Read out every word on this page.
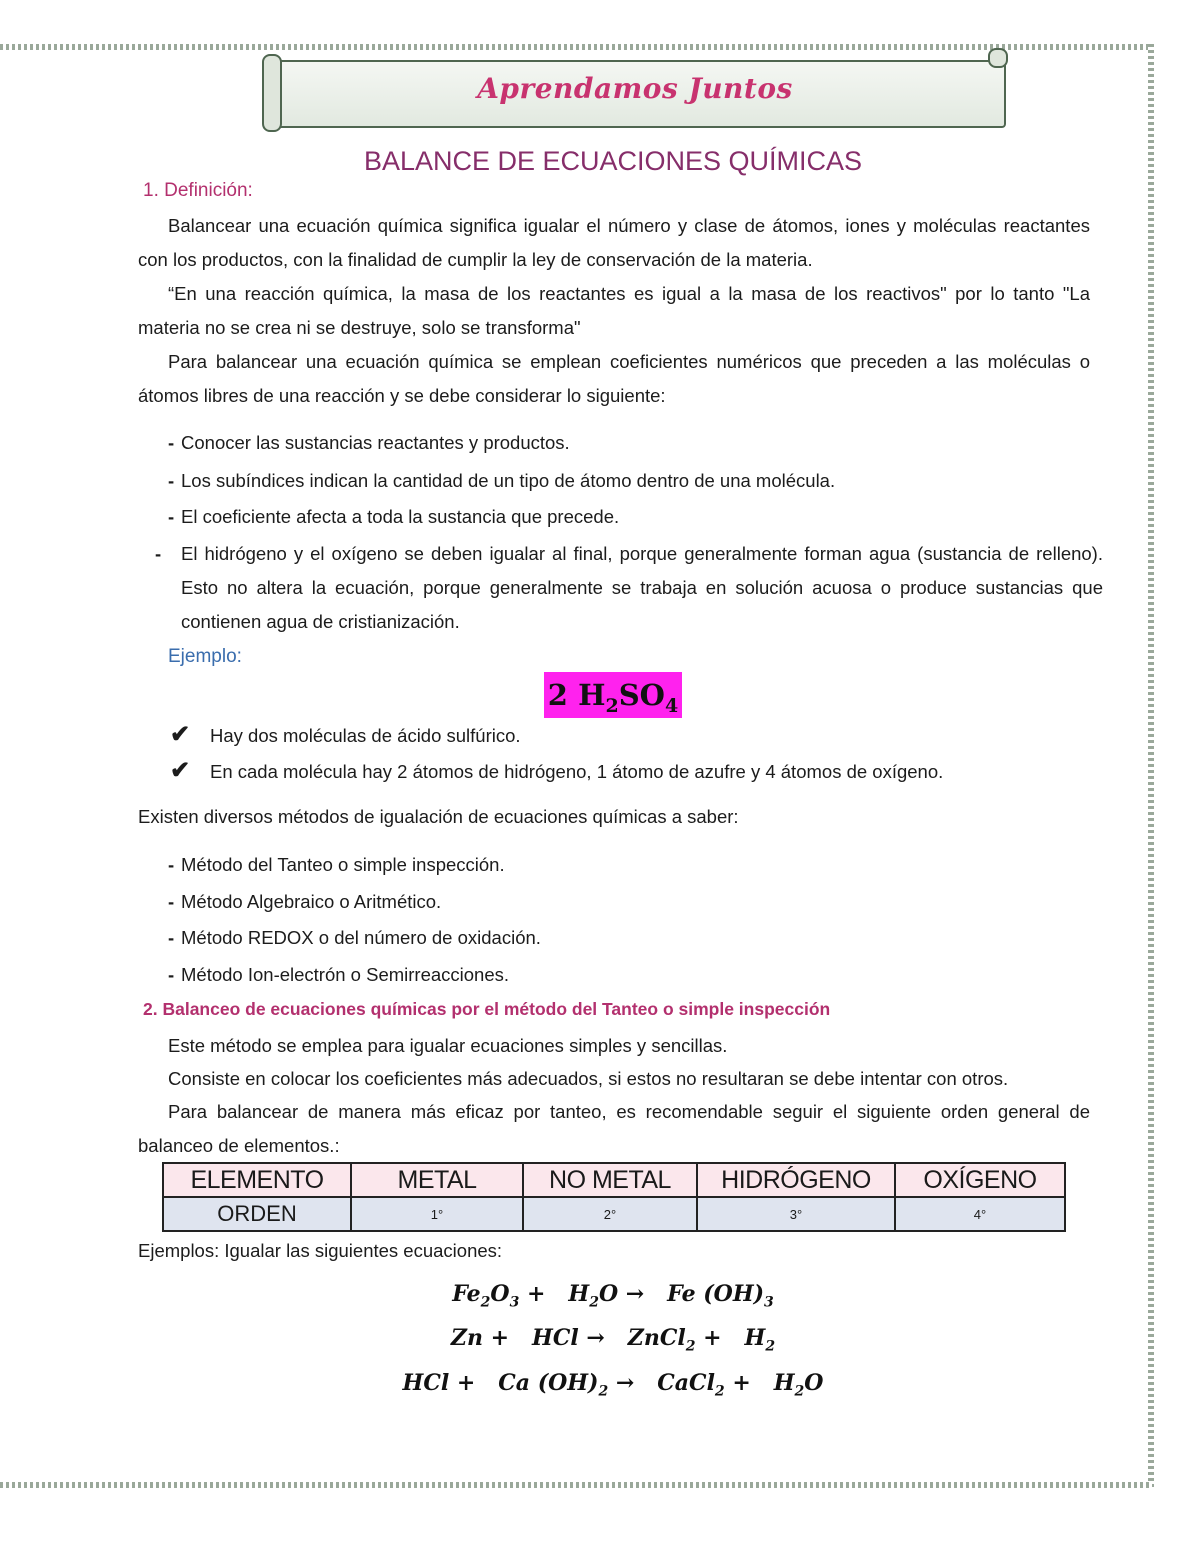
Aprendamos Juntos
BALANCE DE ECUACIONES QUÍMICAS
1. Definición:
Balancear una ecuación química significa igualar el número y clase de átomos, iones y moléculas reactantes con los productos, con la finalidad de cumplir la ley de conservación de la materia.
“En una reacción química, la masa de los reactantes es igual a la masa de los reactivos" por lo tanto "La materia no se crea ni se destruye, solo se transforma"
Para balancear una ecuación química se emplean coeficientes numéricos que preceden a las moléculas o átomos libres de una reacción y se debe considerar lo siguiente:
- Conocer las sustancias reactantes y productos.
- Los subíndices indican la cantidad de un tipo de átomo dentro de una molécula.
- El coeficiente afecta a toda la sustancia que precede.
- El hidrógeno y el oxígeno se deben igualar al final, porque generalmente forman agua (sustancia de relleno). Esto no altera la ecuación, porque generalmente se trabaja en solución acuosa o produce sustancias que contienen agua de cristianización.
Ejemplo:
2 $H_2SO_4$
✔ Hay dos moléculas de ácido sulfúrico.
✔ En cada molécula hay 2 átomos de hidrógeno, 1 átomo de azufre y 4 átomos de oxígeno.
Existen diversos métodos de igualación de ecuaciones químicas a saber:
- Método del Tanteo o simple inspección.
- Método Algebraico o Aritmético.
- Método REDOX o del número de oxidación.
- Método Ion-electrón o Semirreacciones.
2. Balanceo de ecuaciones químicas por el método del Tanteo o simple inspección
Este método se emplea para igualar ecuaciones simples y sencillas.
Consiste en colocar los coeficientes más adecuados, si estos no resultaran se debe intentar con otros.
Para balancear de manera más eficaz por tanteo, es recomendable seguir el siguiente orden general de balanceo de elementos.:
ELEMENTO	METAL	NO METAL	HIDRÓGENO	OXÍGENO
ORDEN	1°	2°	3°	4°
Ejemplos: Igualar las siguientes ecuaciones:
$Fe_2O_3 + H_2O \to Fe$ $(OH)_3$
Zn +   HCl →   ZnCl$_2$ +   $H_2$
HCl +   Ca $(OH)_2$ →   CaCl$_2$ +   $H_2O$
